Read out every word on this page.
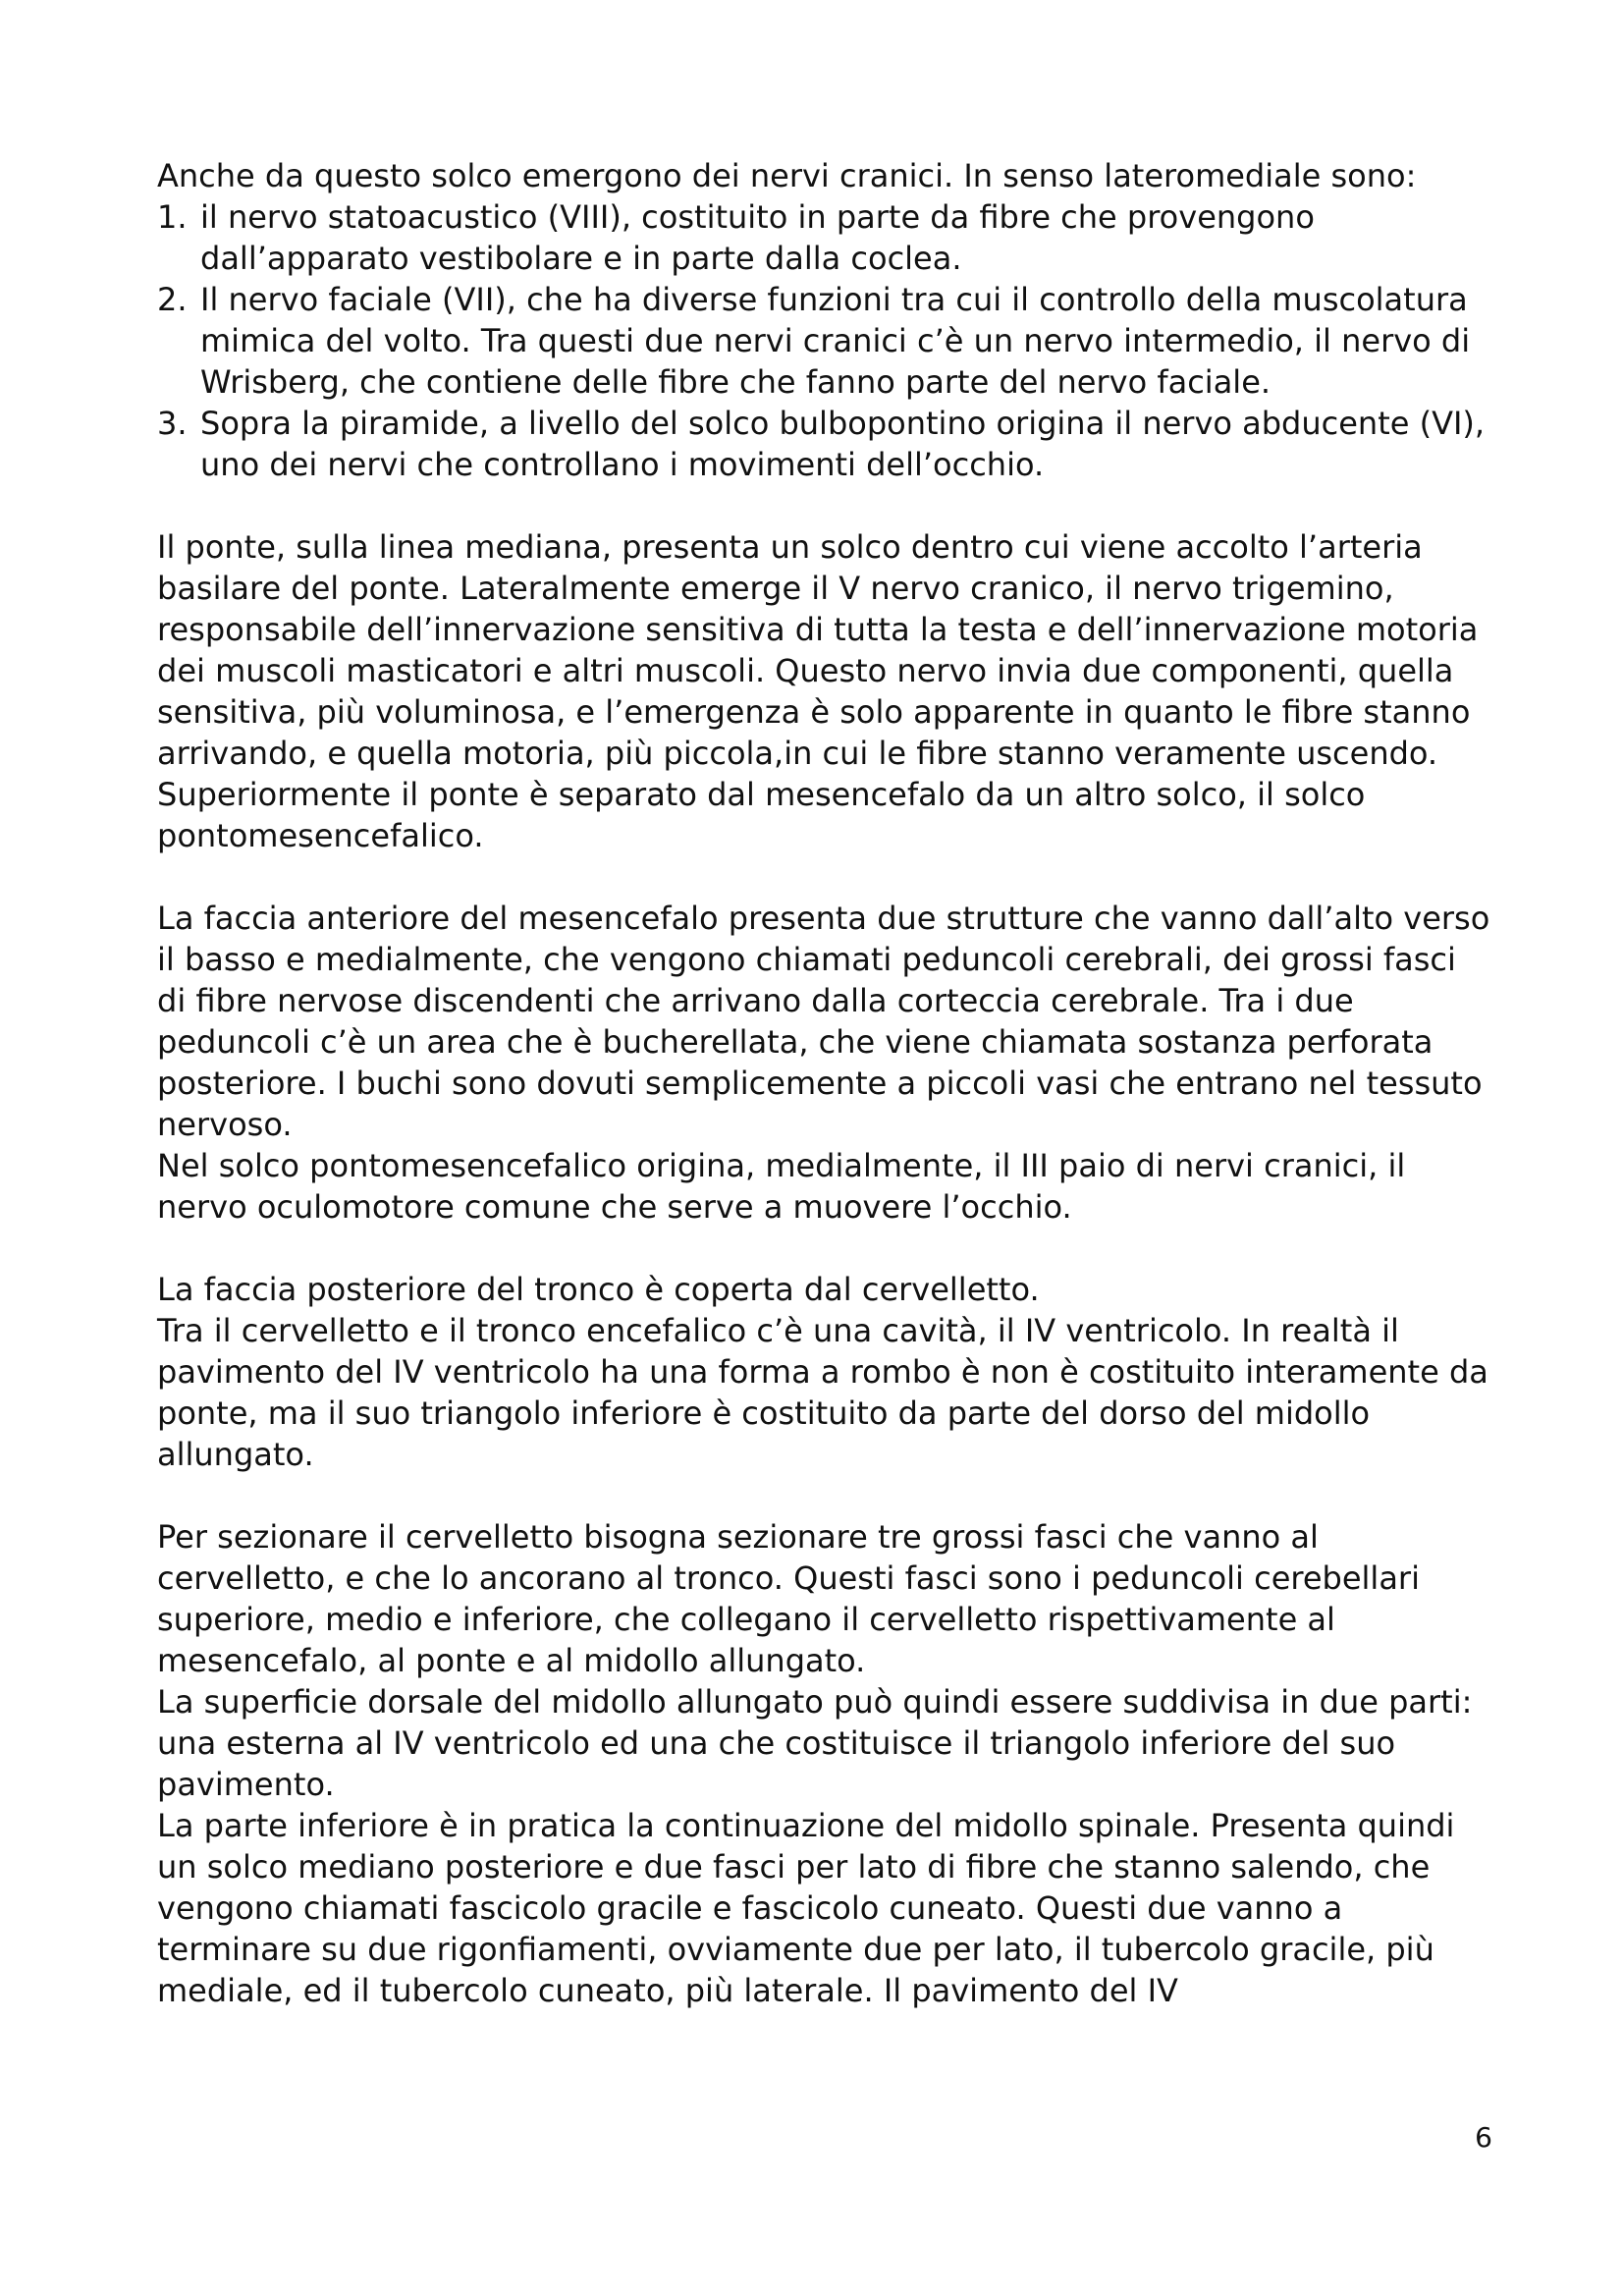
Anche da questo solco emergono dei nervi cranici. In senso lateromediale sono:

1. il nervo statoacustico (VIII), costituito in parte da fibre che provengono dall’apparato vestibolare e in parte dalla coclea.
2. Il nervo faciale (VII), che ha diverse funzioni tra cui il controllo della muscolatura mimica del volto. Tra questi due nervi cranici c’è un nervo intermedio, il nervo di Wrisberg, che contiene delle fibre che fanno parte del nervo faciale.
3. Sopra la piramide, a livello del solco bulbopontino origina il nervo abducente (VI), uno dei nervi che controllano i movimenti dell’occhio.

Il ponte, sulla linea mediana, presenta un solco dentro cui viene accolto l’arteria basilare del ponte. Lateralmente emerge il V nervo cranico, il nervo trigemino, responsabile dell’innervazione sensitiva di tutta la testa e dell’innervazione motoria dei muscoli masticatori e altri muscoli. Questo nervo invia due componenti, quella sensitiva, più voluminosa, e l’emergenza è solo apparente in quanto le fibre stanno arrivando, e quella motoria, più piccola,in cui le fibre stanno veramente uscendo.

Superiormente il ponte è separato dal mesencefalo da un altro solco, il solco pontomesencefalico.

La faccia anteriore del mesencefalo presenta due strutture che vanno dall’alto verso il basso e medialmente, che vengono chiamati peduncoli cerebrali, dei grossi fasci di fibre nervose discendenti che arrivano dalla corteccia cerebrale. Tra i due peduncoli c’è un area che è bucherellata, che viene chiamata sostanza perforata posteriore. I buchi sono dovuti semplicemente a piccoli vasi che entrano nel tessuto nervoso.

Nel solco pontomesencefalico origina, medialmente, il III paio di nervi cranici, il nervo oculomotore comune che serve a muovere l’occhio.

La faccia posteriore del tronco è coperta dal cervelletto.

Tra il cervelletto e il tronco encefalico c’è una cavità, il IV ventricolo. In realtà il pavimento del IV ventricolo ha una forma a rombo è non è costituito interamente da ponte, ma il suo triangolo inferiore è costituito da parte del dorso del midollo allungato.

Per sezionare il cervelletto bisogna sezionare tre grossi fasci che vanno al cervelletto, e che lo ancorano al tronco. Questi fasci sono i peduncoli cerebellari superiore, medio e inferiore, che collegano il cervelletto rispettivamente al mesencefalo, al ponte e al midollo allungato.

La superficie dorsale del midollo allungato può quindi essere suddivisa in due parti: una esterna al IV ventricolo ed una che costituisce il triangolo inferiore del suo pavimento.

La parte inferiore è in pratica la continuazione del midollo spinale. Presenta quindi un solco mediano posteriore e due fasci per lato di fibre che stanno salendo, che vengono chiamati fascicolo gracile e fascicolo cuneato. Questi due vanno a terminare su due rigonfiamenti, ovviamente due per lato, il tubercolo gracile, più mediale, ed il tubercolo cuneato, più laterale. Il pavimento del IV

6
